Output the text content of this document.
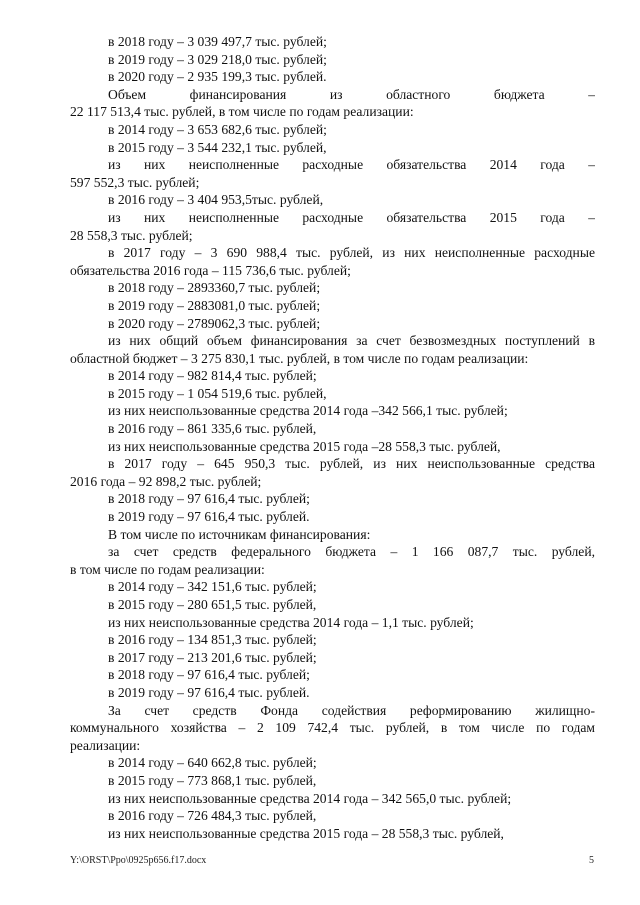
в 2018 году – 3 039 497,7 тыс. рублей;
в 2019 году – 3 029 218,0 тыс. рублей;
в 2020 году – 2 935 199,3 тыс. рублей.
Объем финансирования из областного бюджета –
22 117 513,4 тыс. рублей, в том числе по годам реализации:
в 2014 году – 3 653 682,6 тыс. рублей;
в 2015 году – 3 544 232,1 тыс. рублей,
из них неисполненные расходные обязательства 2014 года –
597 552,3 тыс. рублей;
в 2016 году – 3 404 953,5тыс. рублей,
из них неисполненные расходные обязательства 2015 года –
28 558,3 тыс. рублей;
в 2017 году – 3 690 988,4 тыс. рублей, из них неисполненные расходные
обязательства 2016 года – 115 736,6 тыс. рублей;
в 2018 году – 2893360,7 тыс. рублей;
в 2019 году – 2883081,0 тыс. рублей;
в 2020 году – 2789062,3 тыс. рублей;
из них общий объем финансирования за счет безвозмездных поступлений в
областной бюджет – 3 275 830,1 тыс. рублей, в том числе по годам реализации:
в 2014 году – 982 814,4 тыс. рублей;
в 2015 году – 1 054 519,6 тыс. рублей,
из них неиспользованные средства 2014 года –342 566,1 тыс. рублей;
в 2016 году – 861 335,6 тыс. рублей,
из них неиспользованные средства 2015 года –28 558,3 тыс. рублей,
в 2017 году – 645 950,3 тыс. рублей, из них неиспользованные средства
2016 года – 92 898,2 тыс. рублей;
в 2018 году – 97 616,4 тыс. рублей;
в 2019 году – 97 616,4 тыс. рублей.
В том числе по источникам финансирования:
за счет средств федерального бюджета – 1 166 087,7 тыс. рублей,
в том числе по годам реализации:
в 2014 году – 342 151,6 тыс. рублей;
в 2015 году – 280 651,5 тыс. рублей,
из них неиспользованные средства 2014 года – 1,1 тыс. рублей;
в 2016 году – 134 851,3 тыс. рублей;
в 2017 году – 213 201,6 тыс. рублей;
в 2018 году – 97 616,4 тыс. рублей;
в 2019 году – 97 616,4 тыс. рублей.
За счет средств Фонда содействия реформированию жилищно-
коммунального хозяйства – 2 109 742,4 тыс. рублей, в том числе по годам
реализации:
в 2014 году – 640 662,8 тыс. рублей;
в 2015 году – 773 868,1 тыс. рублей,
из них неиспользованные средства 2014 года – 342 565,0 тыс. рублей;
в 2016 году – 726 484,3 тыс. рублей,
из них неиспользованные средства 2015 года – 28 558,3 тыс. рублей,
Y:\ORST\Ppo\0925p656.f17.docx	5
